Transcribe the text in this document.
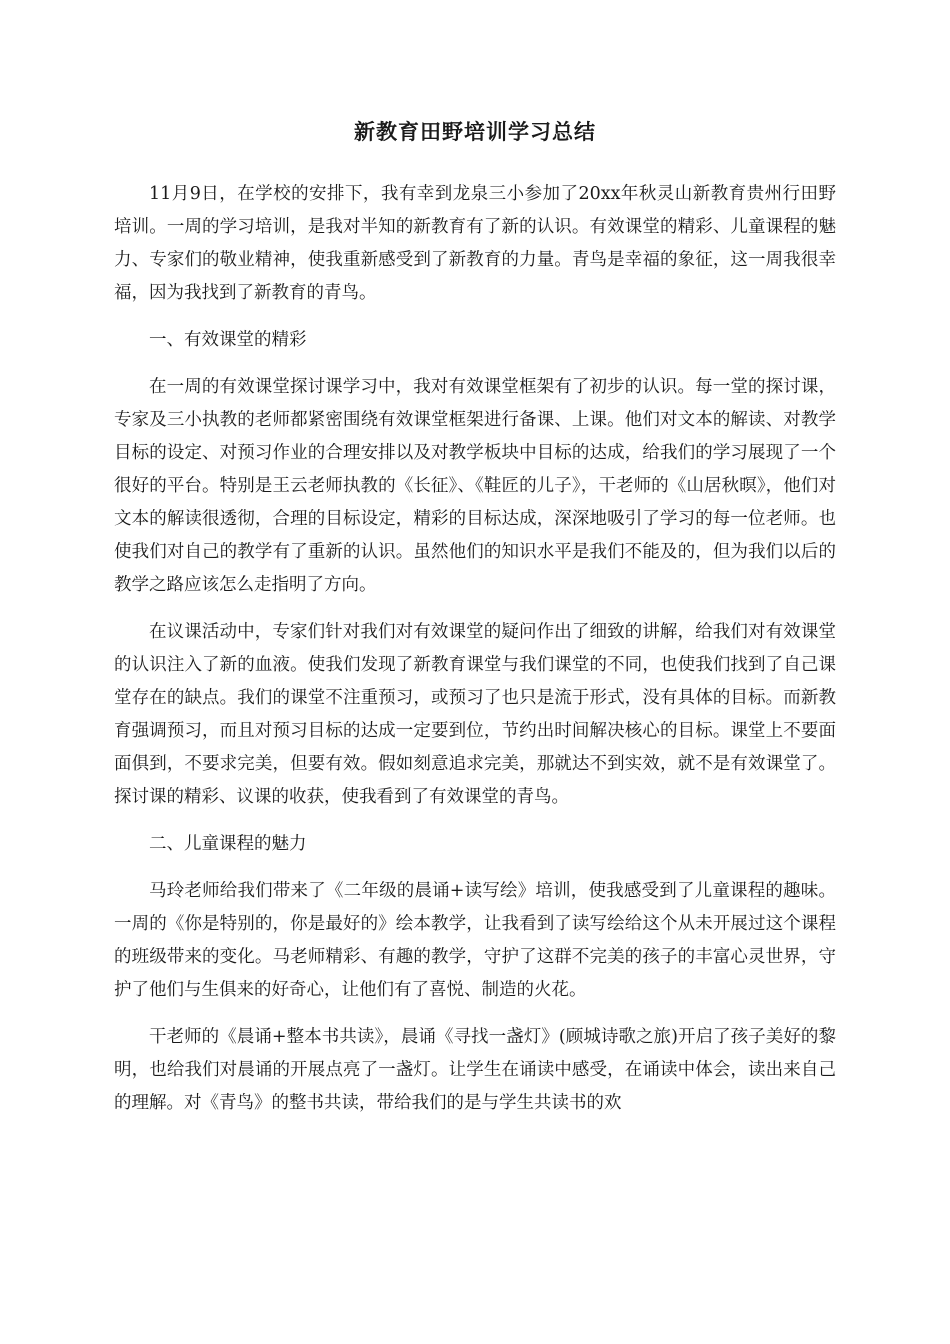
新教育田野培训学习总结

11月9日，在学校的安排下，我有幸到龙泉三小参加了20xx年秋灵山新教育贵州行田野培训。一周的学习培训，是我对半知的新教育有了新的认识。有效课堂的精彩、儿童课程的魅力、专家们的敬业精神，使我重新感受到了新教育的力量。青鸟是幸福的象征，这一周我很幸福，因为我找到了新教育的青鸟。

一、有效课堂的精彩

在一周的有效课堂探讨课学习中，我对有效课堂框架有了初步的认识。每一堂的探讨课，专家及三小执教的老师都紧密围绕有效课堂框架进行备课、上课。他们对文本的解读、对教学目标的设定、对预习作业的合理安排以及对教学板块中目标的达成，给我们的学习展现了一个很好的平台。特别是王云老师执教的《长征》、《鞋匠的儿子》，干老师的《山居秋暝》，他们对文本的解读很透彻，合理的目标设定，精彩的目标达成，深深地吸引了学习的每一位老师。也使我们对自己的教学有了重新的认识。虽然他们的知识水平是我们不能及的，但为我们以后的教学之路应该怎么走指明了方向。

在议课活动中，专家们针对我们对有效课堂的疑问作出了细致的讲解，给我们对有效课堂的认识注入了新的血液。使我们发现了新教育课堂与我们课堂的不同，也使我们找到了自己课堂存在的缺点。我们的课堂不注重预习，或预习了也只是流于形式，没有具体的目标。而新教育强调预习，而且对预习目标的达成一定要到位，节约出时间解决核心的目标。课堂上不要面面俱到，不要求完美，但要有效。假如刻意追求完美，那就达不到实效，就不是有效课堂了。探讨课的精彩、议课的收获，使我看到了有效课堂的青鸟。

二、儿童课程的魅力

马玲老师给我们带来了《二年级的晨诵+读写绘》培训，使我感受到了儿童课程的趣味。一周的《你是特别的，你是最好的》绘本教学，让我看到了读写绘给这个从未开展过这个课程的班级带来的变化。马老师精彩、有趣的教学，守护了这群不完美的孩子的丰富心灵世界，守护了他们与生俱来的好奇心，让他们有了喜悦、制造的火花。

干老师的《晨诵+整本书共读》，晨诵《寻找一盏灯》(顾城诗歌之旅)开启了孩子美好的黎明，也给我们对晨诵的开展点亮了一盏灯。让学生在诵读中感受，在诵读中体会，读出来自己的理解。对《青鸟》的整书共读，带给我们的是与学生共读书的欢
